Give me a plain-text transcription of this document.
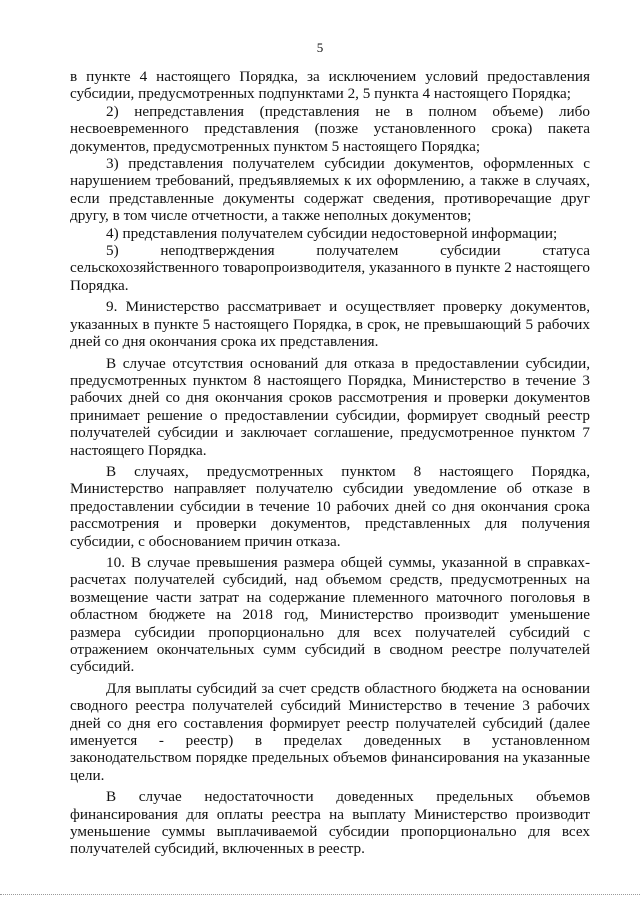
5

в пункте 4 настоящего Порядка, за исключением условий предоставления субсидии, предусмотренных подпунктами 2, 5 пункта 4 настоящего Порядка;

2) непредставления (представления не в полном объеме) либо несвоевременного представления (позже установленного срока) пакета документов, предусмотренных пунктом 5 настоящего Порядка;

3) представления получателем субсидии документов, оформленных с нарушением требований, предъявляемых к их оформлению, а также в случаях, если представленные документы содержат сведения, противоречащие друг другу, в том числе отчетности, а также неполных документов;

4) представления получателем субсидии недостоверной информации;

5) неподтверждения получателем субсидии статуса сельскохозяйственного товаропроизводителя, указанного в пункте 2 настоящего Порядка.

9. Министерство рассматривает и осуществляет проверку документов, указанных в пункте 5 настоящего Порядка, в срок, не превышающий 5 рабочих дней со дня окончания срока их представления.

В случае отсутствия оснований для отказа в предоставлении субсидии, предусмотренных пунктом 8 настоящего Порядка, Министерство в течение 3 рабочих дней со дня окончания сроков рассмотрения и проверки документов принимает решение о предоставлении субсидии, формирует сводный реестр получателей субсидии и заключает соглашение, предусмотренное пунктом 7 настоящего Порядка.

В случаях, предусмотренных пунктом 8 настоящего Порядка, Министерство направляет получателю субсидии уведомление об отказе в предоставлении субсидии в течение 10 рабочих дней со дня окончания срока рассмотрения и проверки документов, представленных для получения субсидии, с обоснованием причин отказа.

10. В случае превышения размера общей суммы, указанной в справках-расчетах получателей субсидий, над объемом средств, предусмотренных на возмещение части затрат на содержание племенного маточного поголовья в областном бюджете на 2018 год, Министерство производит уменьшение размера субсидии пропорционально для всех получателей субсидий с отражением окончательных сумм субсидий в сводном реестре получателей субсидий.

Для выплаты субсидий за счет средств областного бюджета на основании сводного реестра получателей субсидий Министерство в течение 3 рабочих дней со дня его составления формирует реестр получателей субсидий (далее именуется - реестр) в пределах доведенных в установленном законодательством порядке предельных объемов финансирования на указанные цели.

В случае недостаточности доведенных предельных объемов финансирования для оплаты реестра на выплату Министерство производит уменьшение суммы выплачиваемой субсидии пропорционально для всех получателей субсидий, включенных в реестр.
